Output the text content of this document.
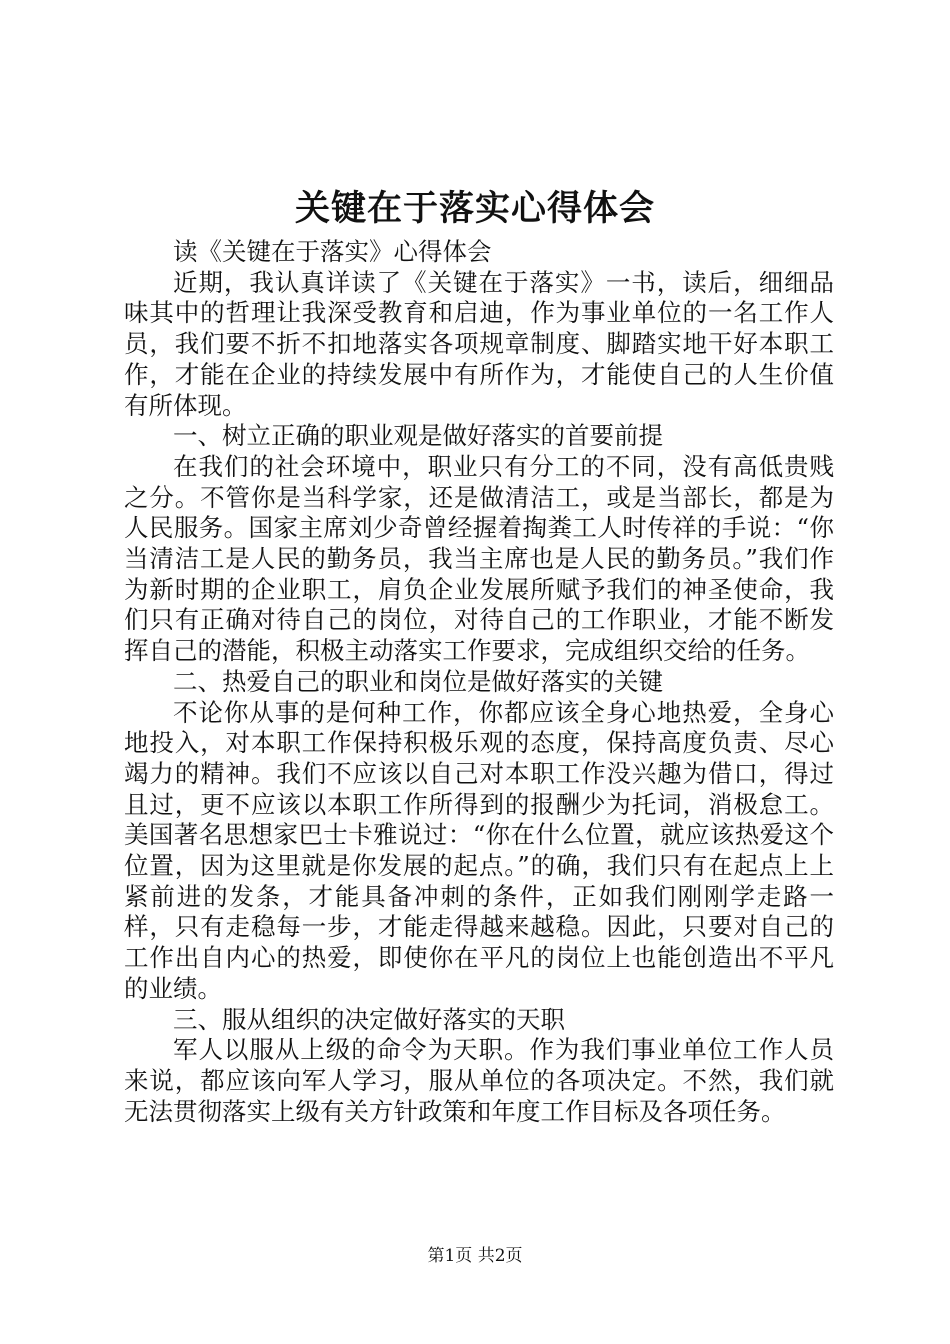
关键在于落实心得体会

读《关键在于落实》心得体会

近期，我认真详读了《关键在于落实》一书，读后，细细品味其中的哲理让我深受教育和启迪，作为事业单位的一名工作人员，我们要不折不扣地落实各项规章制度、脚踏实地干好本职工作，才能在企业的持续发展中有所作为，才能使自己的人生价值有所体现。

一、树立正确的职业观是做好落实的首要前提

在我们的社会环境中，职业只有分工的不同，没有高低贵贱之分。不管你是当科学家，还是做清洁工，或是当部长，都是为人民服务。国家主席刘少奇曾经握着掏粪工人时传祥的手说：“你当清洁工是人民的勤务员，我当主席也是人民的勤务员。”我们作为新时期的企业职工，肩负企业发展所赋予我们的神圣使命，我们只有正确对待自己的岗位，对待自己的工作职业，才能不断发挥自己的潜能，积极主动落实工作要求，完成组织交给的任务。

二、热爱自己的职业和岗位是做好落实的关键

不论你从事的是何种工作，你都应该全身心地热爱，全身心地投入，对本职工作保持积极乐观的态度，保持高度负责、尽心竭力的精神。我们不应该以自己对本职工作没兴趣为借口，得过且过，更不应该以本职工作所得到的报酬少为托词，消极怠工。美国著名思想家巴士卡雅说过：“你在什么位置，就应该热爱这个位置，因为这里就是你发展的起点。”的确，我们只有在起点上上紧前进的发条，才能具备冲刺的条件，正如我们刚刚学走路一样，只有走稳每一步，才能走得越来越稳。因此，只要对自己的工作出自内心的热爱，即使你在平凡的岗位上也能创造出不平凡的业绩。

三、服从组织的决定做好落实的天职

军人以服从上级的命令为天职。作为我们事业单位工作人员来说，都应该向军人学习，服从单位的各项决定。不然，我们就无法贯彻落实上级有关方针政策和年度工作目标及各项任务。

第1页 共2页
